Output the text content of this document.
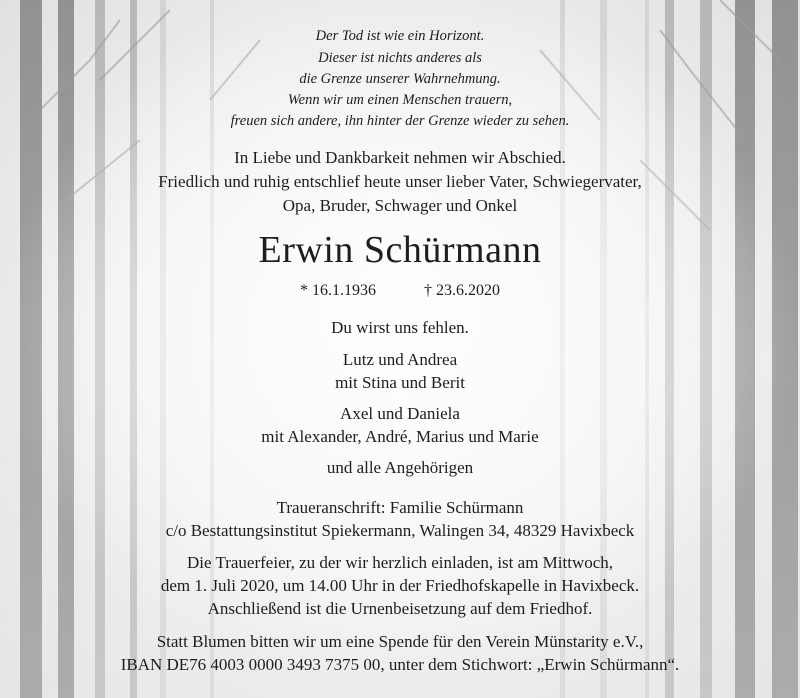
Der Tod ist wie ein Horizont.
Dieser ist nichts anderes als
die Grenze unserer Wahrnehmung.
Wenn wir um einen Menschen trauern,
freuen sich andere, ihn hinter der Grenze wieder zu sehen.
In Liebe und Dankbarkeit nehmen wir Abschied.
Friedlich und ruhig entschlief heute unser lieber Vater, Schwiegervater,
Opa, Bruder, Schwager und Onkel
Erwin Schürmann
* 16.1.1936	† 23.6.2020
Du wirst uns fehlen.
Lutz und Andrea
mit Stina und Berit
Axel und Daniela
mit Alexander, André, Marius und Marie
und alle Angehörigen
Traueranschrift: Familie Schürmann
c/o Bestattungsinstitut Spiekermann, Walingen 34, 48329 Havixbeck
Die Trauerfeier, zu der wir herzlich einladen, ist am Mittwoch,
dem 1. Juli 2020, um 14.00 Uhr in der Friedhofskapelle in Havixbeck.
Anschließend ist die Urnenbeisetzung auf dem Friedhof.
Statt Blumen bitten wir um eine Spende für den Verein Münstarity e.V.,
IBAN DE76 4003 0000 3493 7375 00, unter dem Stichwort: „Erwin Schürmann“.
